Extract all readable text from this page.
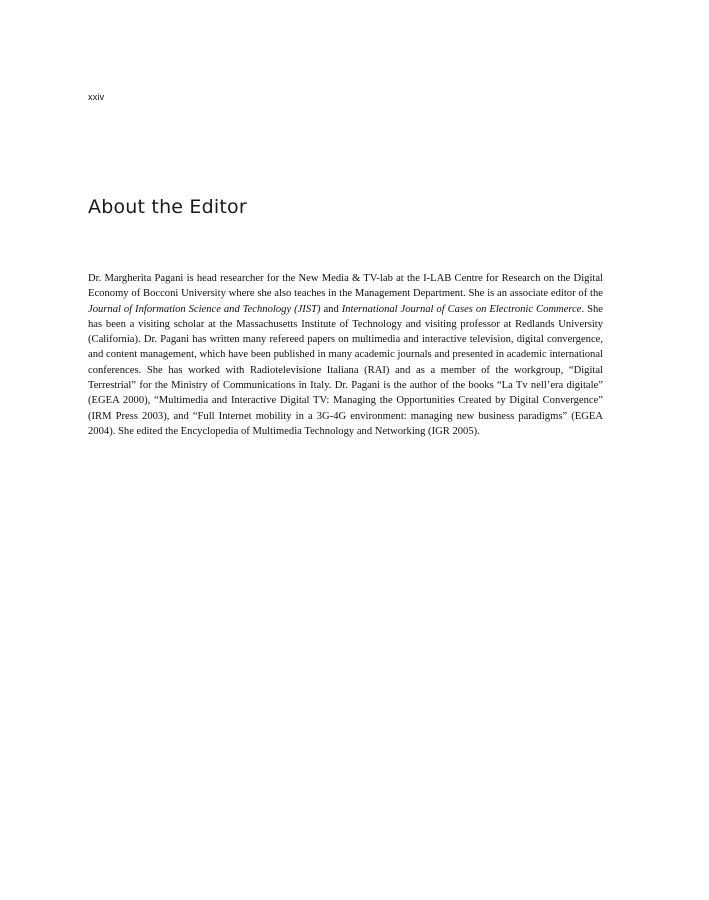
xxiv
About the Editor

Dr. Margherita Pagani is head researcher for the New Media & TV-lab at the I-LAB Centre for Research on the Digital Economy of Bocconi University where she also teaches in the Management Department. She is an associate editor of the Journal of Information Science and Technology (JIST) and International Journal of Cases on Electronic Commerce. She has been a visiting scholar at the Massachusetts Institute of Technology and visiting professor at Redlands University (California). Dr. Pagani has written many refereed papers on multimedia and interactive television, digital convergence, and content management, which have been published in many academic journals and presented in academic international conferences. She has worked with Radiotelevisione Italiana (RAI) and as a member of the workgroup, “Digital Terrestrial” for the Ministry of Communications in Italy. Dr. Pagani is the author of the books “La Tv nell’era digitale” (EGEA 2000), “Multimedia and Interactive Digital TV: Managing the Opportunities Created by Digital Convergence” (IRM Press 2003), and “Full Internet mobility in a 3G-4G environment: managing new business paradigms” (EGEA 2004). She edited the Encyclopedia of Multimedia Technology and Networking (IGR 2005).
